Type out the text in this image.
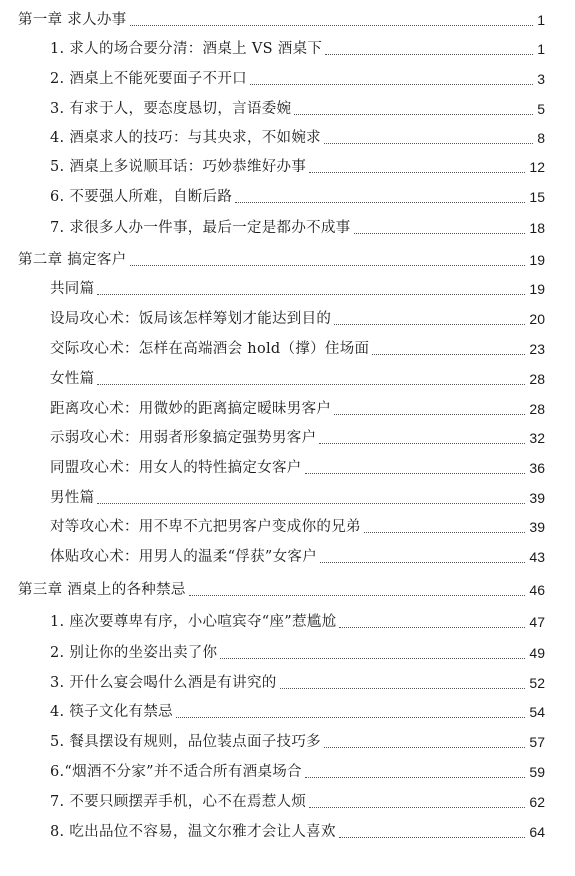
第一章 求人办事	1
1. 求人的场合要分清：酒桌上 VS 酒桌下	1
2. 酒桌上不能死要面子不开口	3
3. 有求于人，要态度恳切，言语委婉	5
4. 酒桌求人的技巧：与其央求，不如婉求	8
5. 酒桌上多说顺耳话：巧妙恭维好办事	12
6. 不要强人所难，自断后路	15
7. 求很多人办一件事，最后一定是都办不成事	18
第二章 搞定客户	19
共同篇	19
设局攻心术：饭局该怎样筹划才能达到目的	20
交际攻心术：怎样在高端酒会 hold（撑）住场面	23
女性篇	28
距离攻心术：用微妙的距离搞定暧昧男客户	28
示弱攻心术：用弱者形象搞定强势男客户	32
同盟攻心术：用女人的特性搞定女客户	36
男性篇	39
对等攻心术：用不卑不亢把男客户变成你的兄弟	39
体贴攻心术：用男人的温柔“俘获”女客户	43
第三章 酒桌上的各种禁忌	46
1. 座次要尊卑有序，小心喧宾夺“座”惹尴尬	47
2. 别让你的坐姿出卖了你	49
3. 开什么宴会喝什么酒是有讲究的	52
4. 筷子文化有禁忌	54
5. 餐具摆设有规则，品位装点面子技巧多	57
6.“烟酒不分家”并不适合所有酒桌场合	59
7. 不要只顾摆弄手机，心不在焉惹人烦	62
8. 吃出品位不容易，温文尔雅才会让人喜欢	64
